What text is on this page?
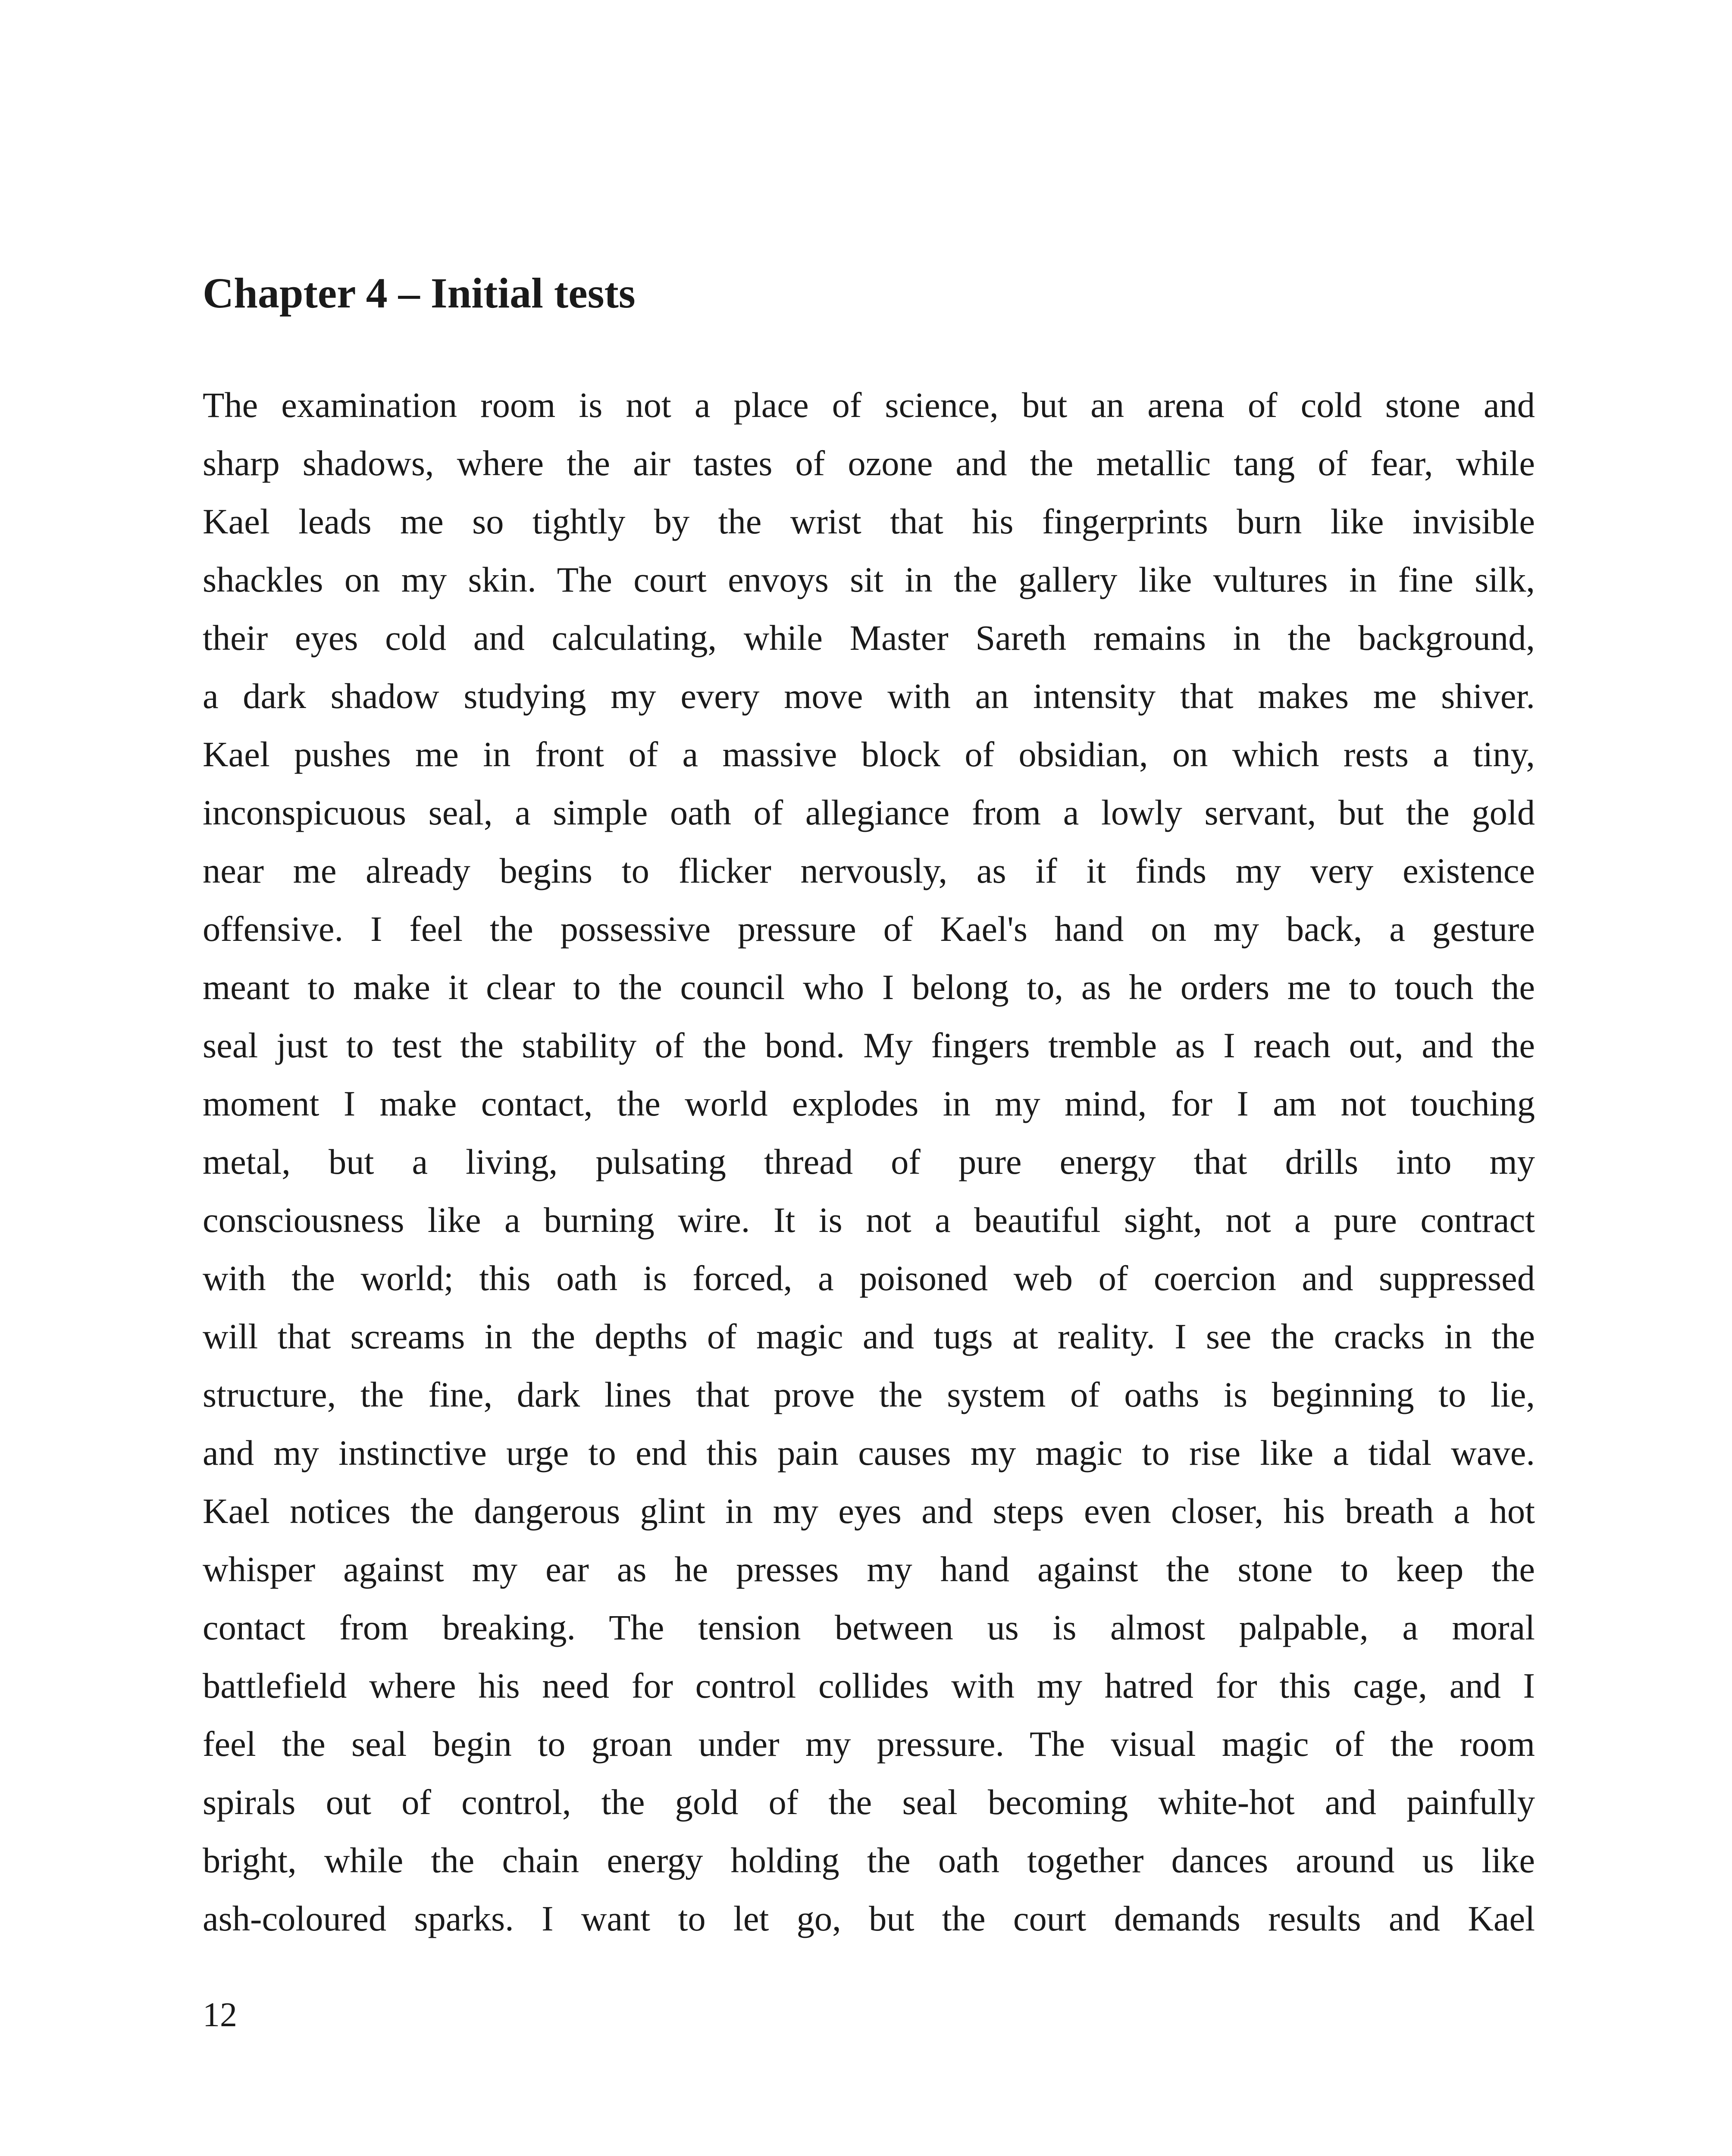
Chapter 4 – Initial tests
The examination room is not a place of science, but an arena of cold stone and
sharp shadows, where the air tastes of ozone and the metallic tang of fear, while
Kael leads me so tightly by the wrist that his fingerprints burn like invisible
shackles on my skin. The court envoys sit in the gallery like vultures in fine silk,
their eyes cold and calculating, while Master Sareth remains in the background,
a dark shadow studying my every move with an intensity that makes me shiver.
Kael pushes me in front of a massive block of obsidian, on which rests a tiny,
inconspicuous seal, a simple oath of allegiance from a lowly servant, but the gold
near me already begins to flicker nervously, as if it finds my very existence
offensive. I feel the possessive pressure of Kael's hand on my back, a gesture
meant to make it clear to the council who I belong to, as he orders me to touch the
seal just to test the stability of the bond. My fingers tremble as I reach out, and the
moment I make contact, the world explodes in my mind, for I am not touching
metal, but a living, pulsating thread of pure energy that drills into my
consciousness like a burning wire. It is not a beautiful sight, not a pure contract
with the world; this oath is forced, a poisoned web of coercion and suppressed
will that screams in the depths of magic and tugs at reality. I see the cracks in the
structure, the fine, dark lines that prove the system of oaths is beginning to lie,
and my instinctive urge to end this pain causes my magic to rise like a tidal wave.
Kael notices the dangerous glint in my eyes and steps even closer, his breath a hot
whisper against my ear as he presses my hand against the stone to keep the
contact from breaking. The tension between us is almost palpable, a moral
battlefield where his need for control collides with my hatred for this cage, and I
feel the seal begin to groan under my pressure. The visual magic of the room
spirals out of control, the gold of the seal becoming white-hot and painfully
bright, while the chain energy holding the oath together dances around us like
ash-coloured sparks. I want to let go, but the court demands results and Kael

12
